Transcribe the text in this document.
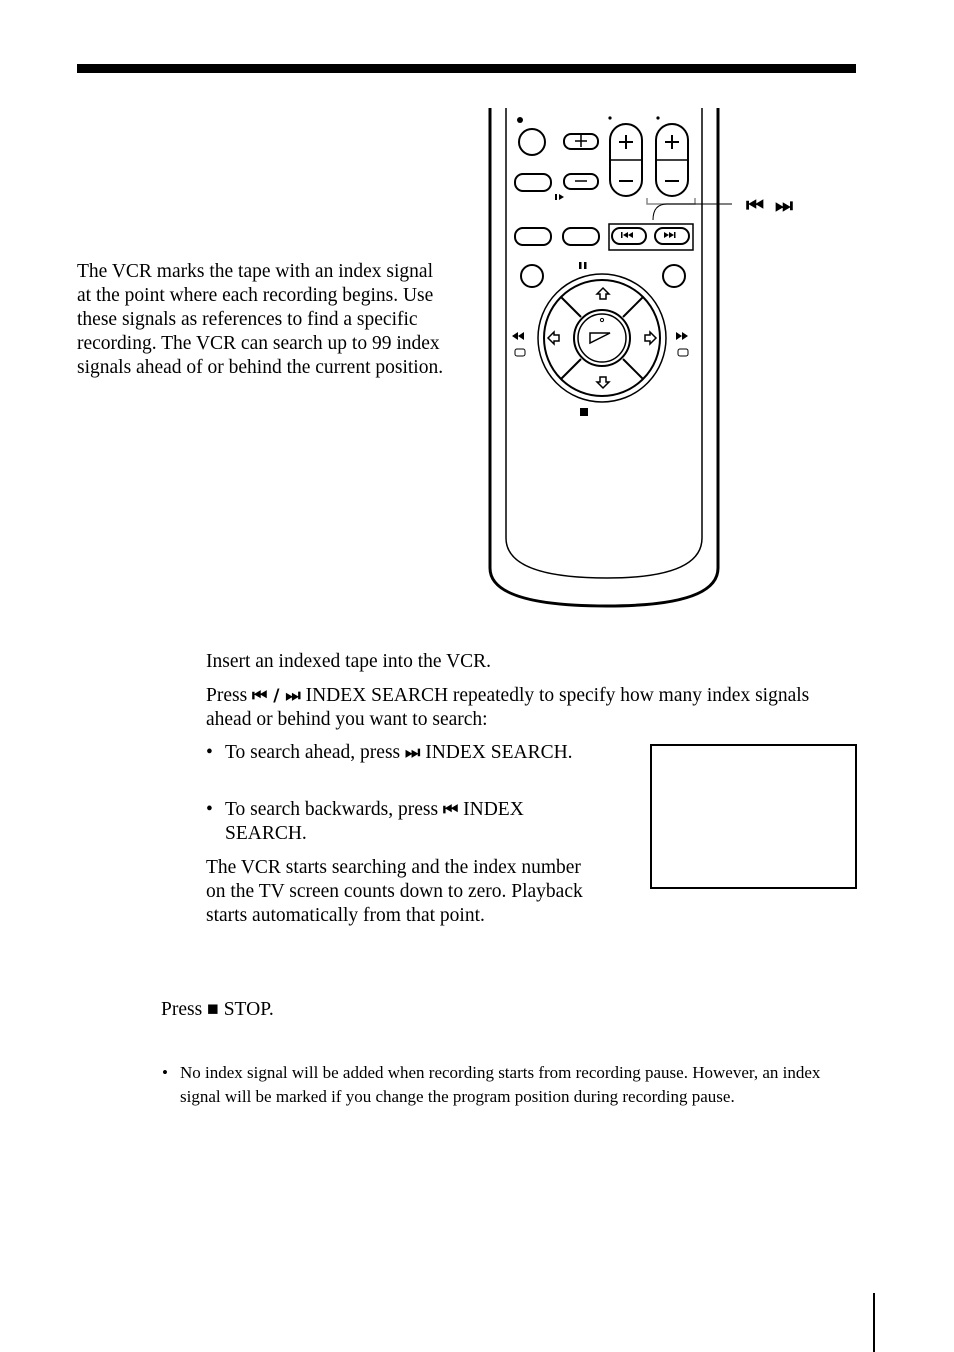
The VCR marks the tape with an index signal at the point where each recording begins. Use these signals as references to find a specific recording. The VCR can search up to 99 index signals ahead of or behind the current position.

⏮ ⏭
Insert an indexed tape into the VCR.
Press ⏮ / ⏭ INDEX SEARCH repeatedly to specify how many index signals ahead or behind you want to search:
• To search ahead, press ⏭ INDEX SEARCH.
• To search backwards, press ⏮ INDEX SEARCH.
The VCR starts searching and the index number on the TV screen counts down to zero. Playback starts automatically from that point.
Press ■ STOP.
• No index signal will be added when recording starts from recording pause. However, an index signal will be marked if you change the program position during recording pause.
